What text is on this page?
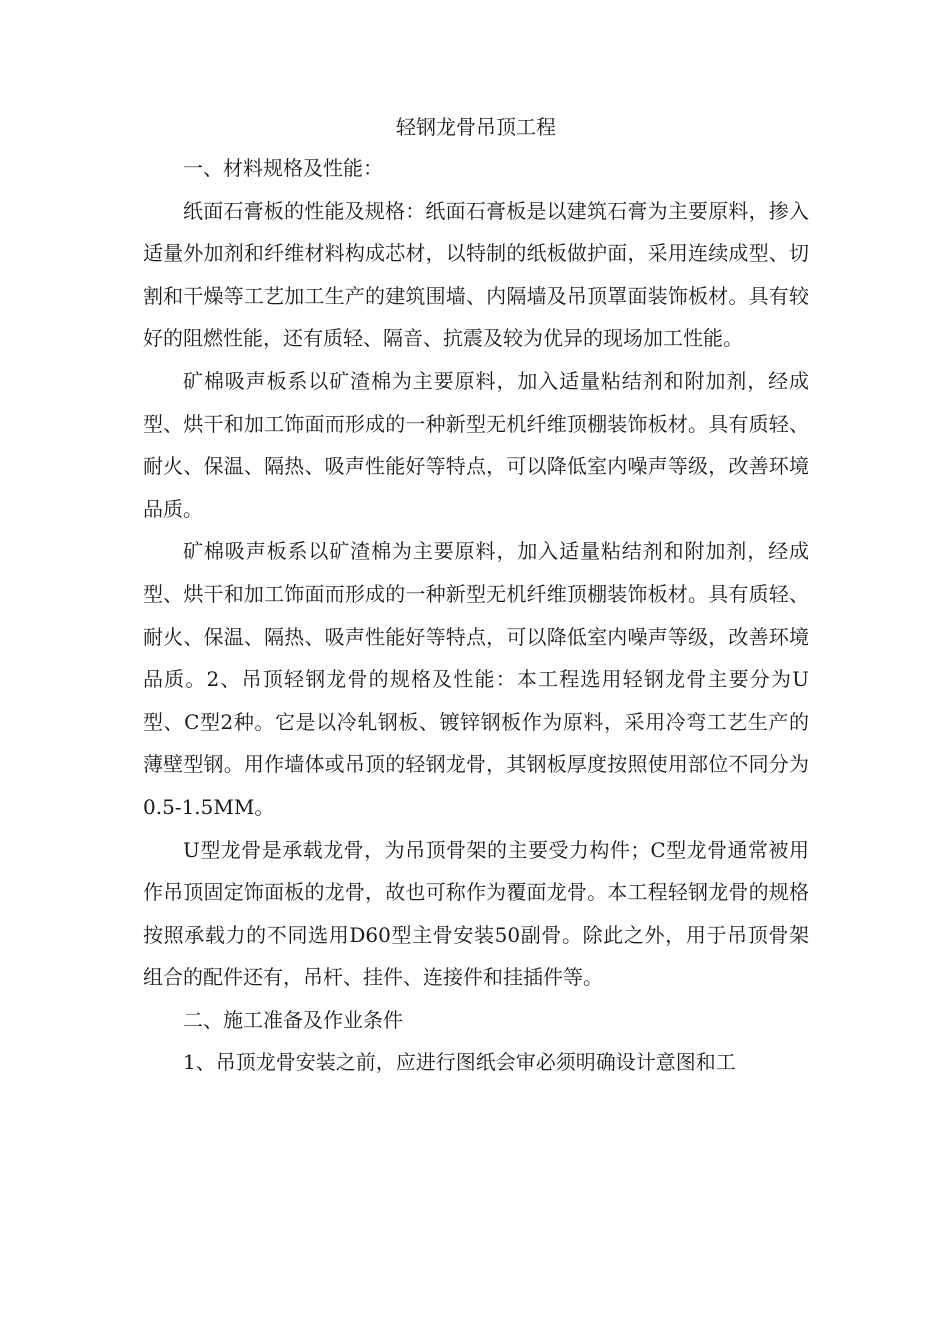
轻钢龙骨吊顶工程

一、材料规格及性能：

纸面石膏板的性能及规格：纸面石膏板是以建筑石膏为主要原料，掺入适量外加剂和纤维材料构成芯材，以特制的纸板做护面，采用连续成型、切割和干燥等工艺加工生产的建筑围墙、内隔墙及吊顶罩面装饰板材。具有较好的阻燃性能，还有质轻、隔音、抗震及较为优异的现场加工性能。

矿棉吸声板系以矿渣棉为主要原料，加入适量粘结剂和附加剂，经成型、烘干和加工饰面而形成的一种新型无机纤维顶棚装饰板材。具有质轻、耐火、保温、隔热、吸声性能好等特点，可以降低室内噪声等级，改善环境品质。

矿棉吸声板系以矿渣棉为主要原料，加入适量粘结剂和附加剂，经成型、烘干和加工饰面而形成的一种新型无机纤维顶棚装饰板材。具有质轻、耐火、保温、隔热、吸声性能好等特点，可以降低室内噪声等级，改善环境品质。2、吊顶轻钢龙骨的规格及性能：本工程选用轻钢龙骨主要分为U型、C型2种。它是以冷轧钢板、镀锌钢板作为原料，采用冷弯工艺生产的薄壁型钢。用作墙体或吊顶的轻钢龙骨，其钢板厚度按照使用部位不同分为0.5-1.5MM。

U型龙骨是承载龙骨，为吊顶骨架的主要受力构件；C型龙骨通常被用作吊顶固定饰面板的龙骨，故也可称作为覆面龙骨。本工程轻钢龙骨的规格按照承载力的不同选用D60型主骨安装50副骨。除此之外，用于吊顶骨架组合的配件还有，吊杆、挂件、连接件和挂插件等。

二、施工准备及作业条件

1、吊顶龙骨安装之前，应进行图纸会审必须明确设计意图和工
